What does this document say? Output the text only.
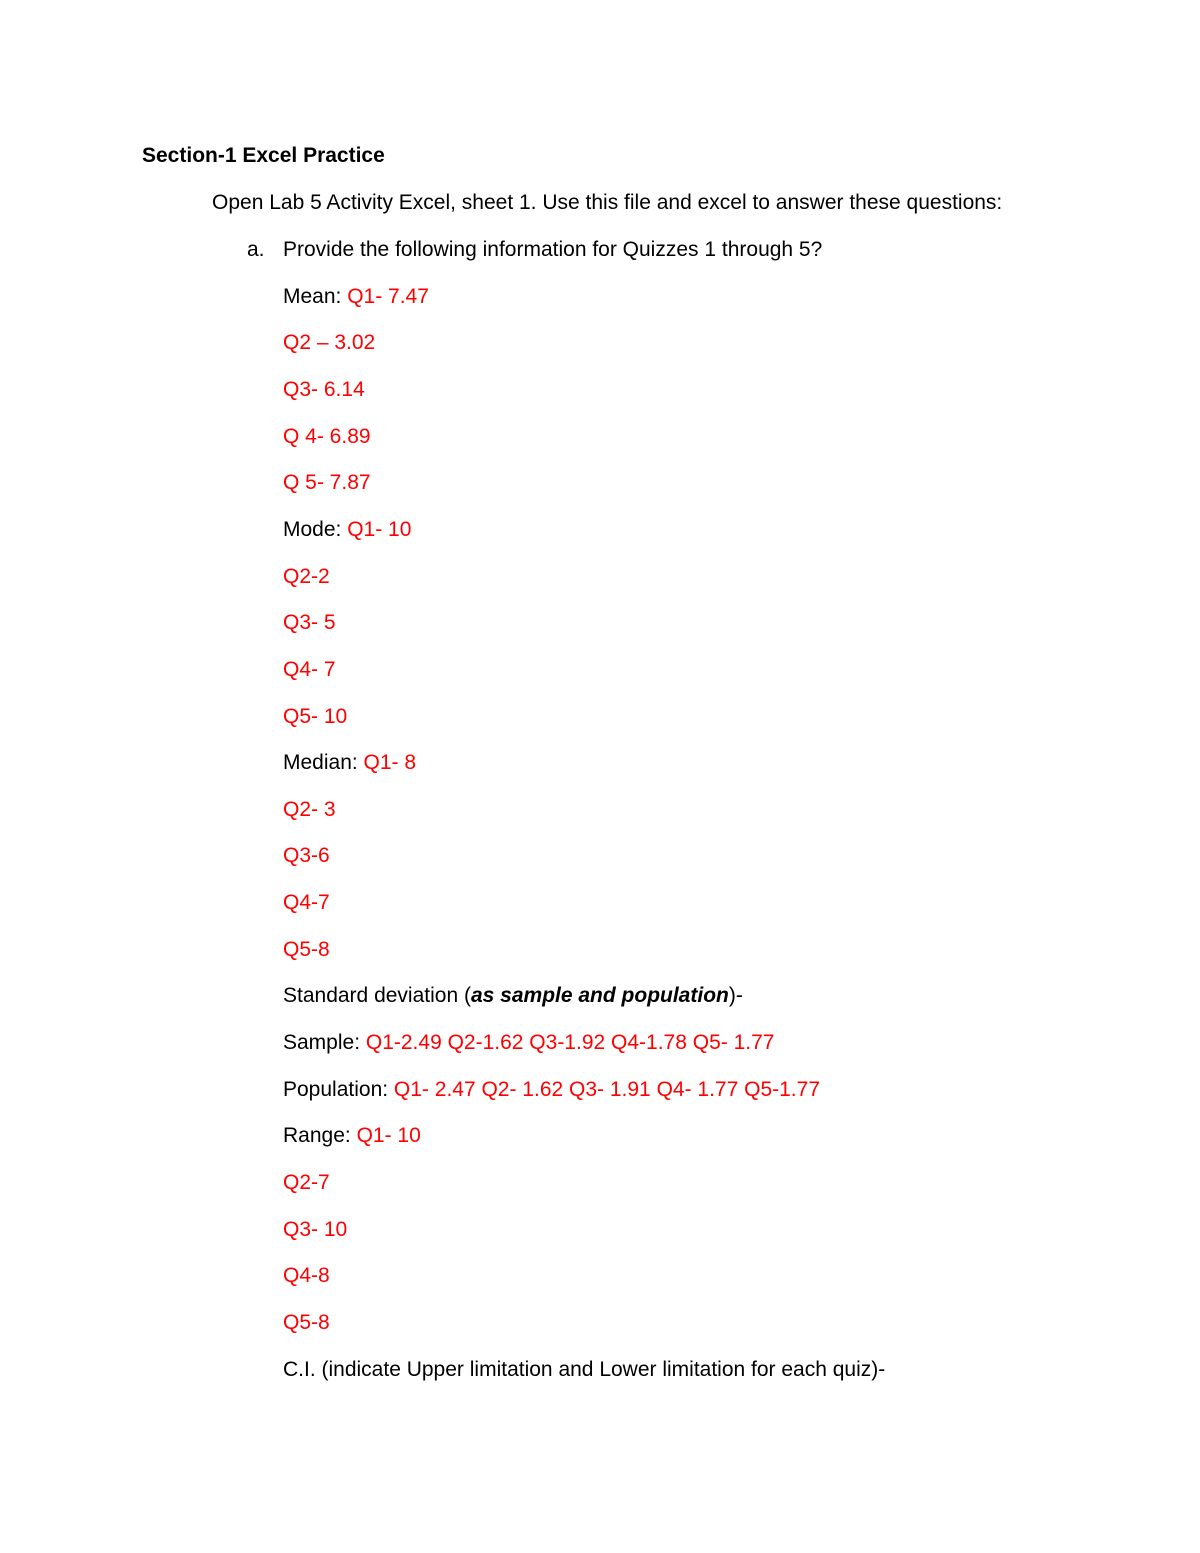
Section-1 Excel Practice
Open Lab 5 Activity Excel, sheet 1. Use this file and excel to answer these questions:
a. Provide the following information for Quizzes 1 through 5?
Mean: Q1- 7.47
Q2 – 3.02
Q3- 6.14
Q 4- 6.89
Q 5- 7.87
Mode: Q1- 10
Q2-2
Q3- 5
Q4- 7
Q5- 10
Median: Q1- 8
Q2- 3
Q3-6
Q4-7
Q5-8
Standard deviation (as sample and population)-
Sample: Q1-2.49 Q2-1.62 Q3-1.92 Q4-1.78 Q5- 1.77
Population: Q1- 2.47 Q2- 1.62 Q3- 1.91 Q4- 1.77 Q5-1.77
Range: Q1- 10
Q2-7
Q3- 10
Q4-8
Q5-8
C.I. (indicate Upper limitation and Lower limitation for each quiz)-
